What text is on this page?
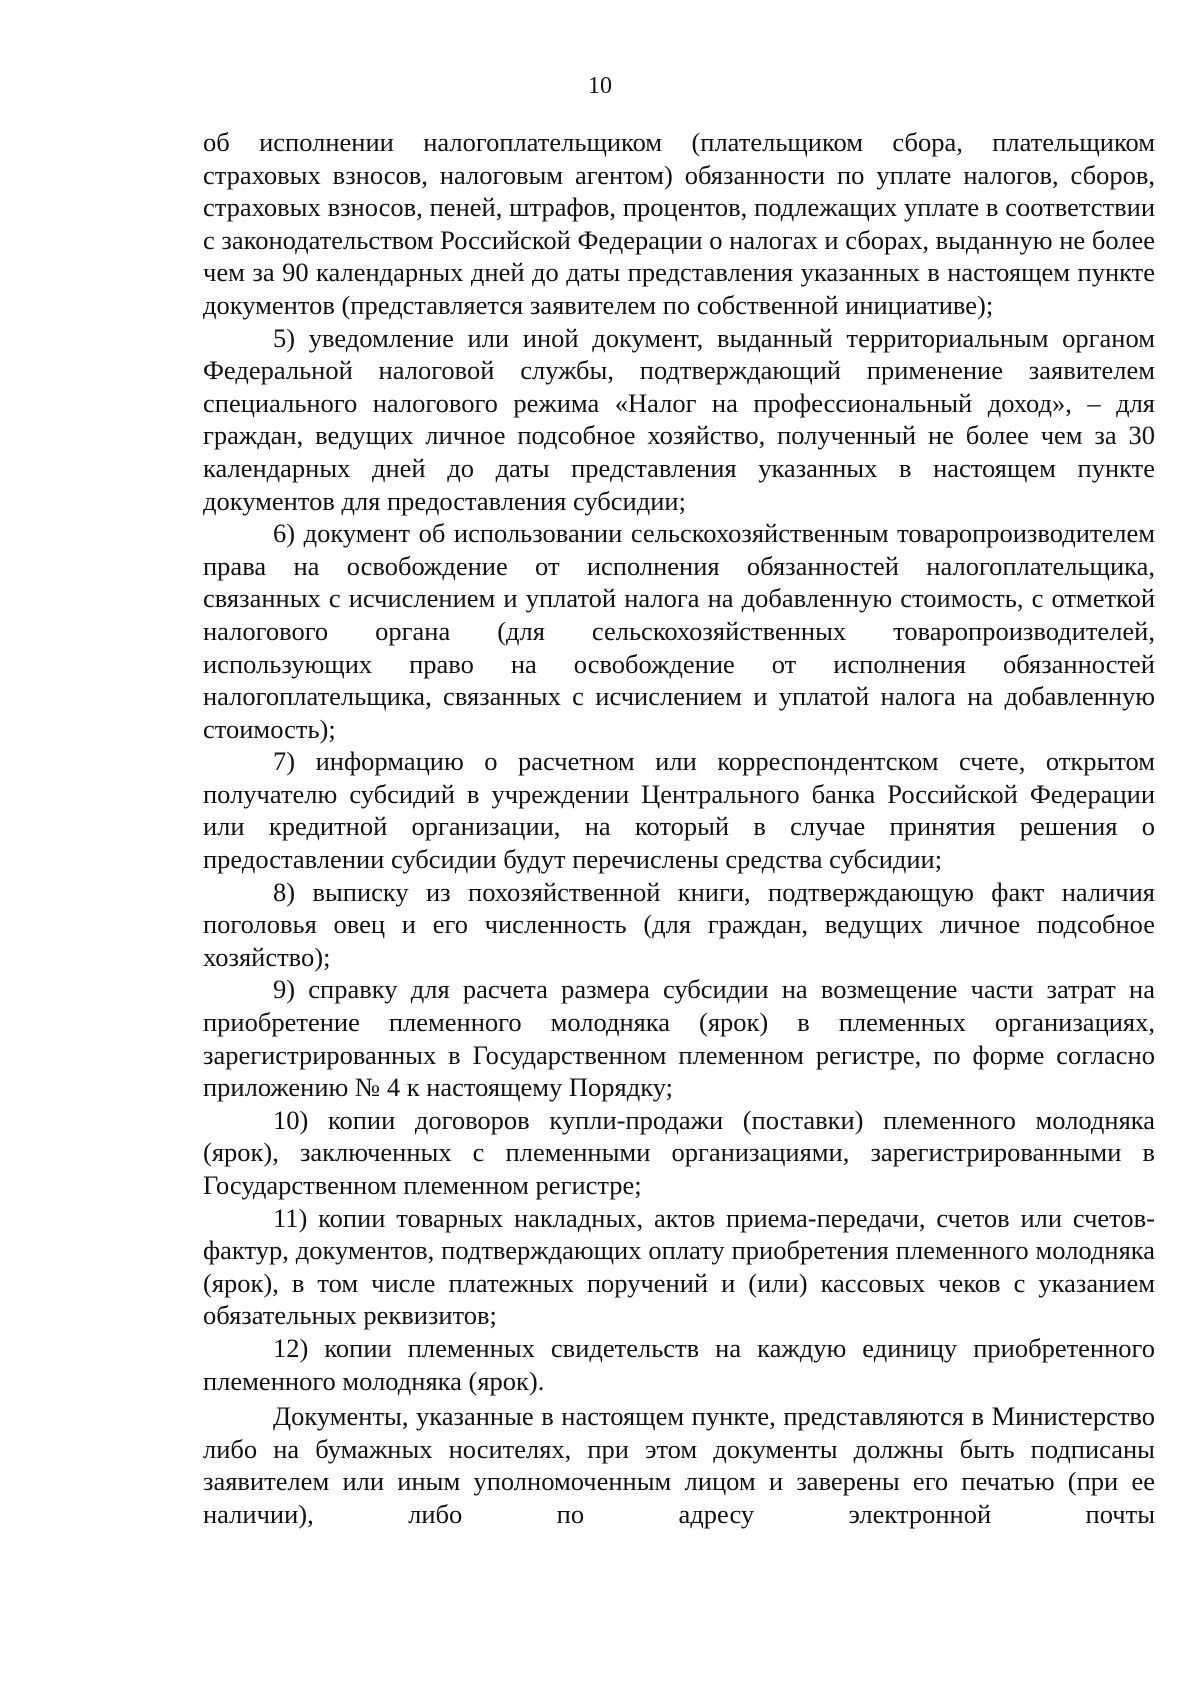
10

об исполнении налогоплательщиком (плательщиком сбора, плательщиком страховых взносов, налоговым агентом) обязанности по уплате налогов, сборов, страховых взносов, пеней, штрафов, процентов, подлежащих уплате в соответствии с законодательством Российской Федерации о налогах и сборах, выданную не более чем за 90 календарных дней до даты представления указанных в настоящем пункте документов (представляется заявителем по собственной инициативе);

5) уведомление или иной документ, выданный территориальным органом Федеральной налоговой службы, подтверждающий применение заявителем специального налогового режима «Налог на профессиональный доход», – для граждан, ведущих личное подсобное хозяйство, полученный не более чем за 30 календарных дней до даты представления указанных в настоящем пункте документов для предоставления субсидии;

6) документ об использовании сельскохозяйственным товаропроизводителем права на освобождение от исполнения обязанностей налогоплательщика, связанных с исчислением и уплатой налога на добавленную стоимость, с отметкой налогового органа (для сельскохозяйственных товаропроизводителей, использующих право на освобождение от исполнения обязанностей налогоплательщика, связанных с исчислением и уплатой налога на добавленную стоимость);

7) информацию о расчетном или корреспондентском счете, открытом получателю субсидий в учреждении Центрального банка Российской Федерации или кредитной организации, на который в случае принятия решения о предоставлении субсидии будут перечислены средства субсидии;

8) выписку из похозяйственной книги, подтверждающую факт наличия поголовья овец и его численность (для граждан, ведущих личное подсобное хозяйство);

9) справку для расчета размера субсидии на возмещение части затрат на приобретение племенного молодняка (ярок) в племенных организациях, зарегистрированных в Государственном племенном регистре, по форме согласно приложению № 4 к настоящему Порядку;

10) копии договоров купли-продажи (поставки) племенного молодняка (ярок), заключенных с племенными организациями, зарегистрированными в Государственном племенном регистре;

11) копии товарных накладных, актов приема-передачи, счетов или счетов-фактур, документов, подтверждающих оплату приобретения племенного молодняка (ярок), в том числе платежных поручений и (или) кассовых чеков с указанием обязательных реквизитов;

12) копии племенных свидетельств на каждую единицу приобретенного племенного молодняка (ярок).

Документы, указанные в настоящем пункте, представляются в Министерство либо на бумажных носителях, при этом документы должны быть подписаны заявителем или иным уполномоченным лицом и заверены его печатью (при ее наличии), либо по адресу электронной почты
